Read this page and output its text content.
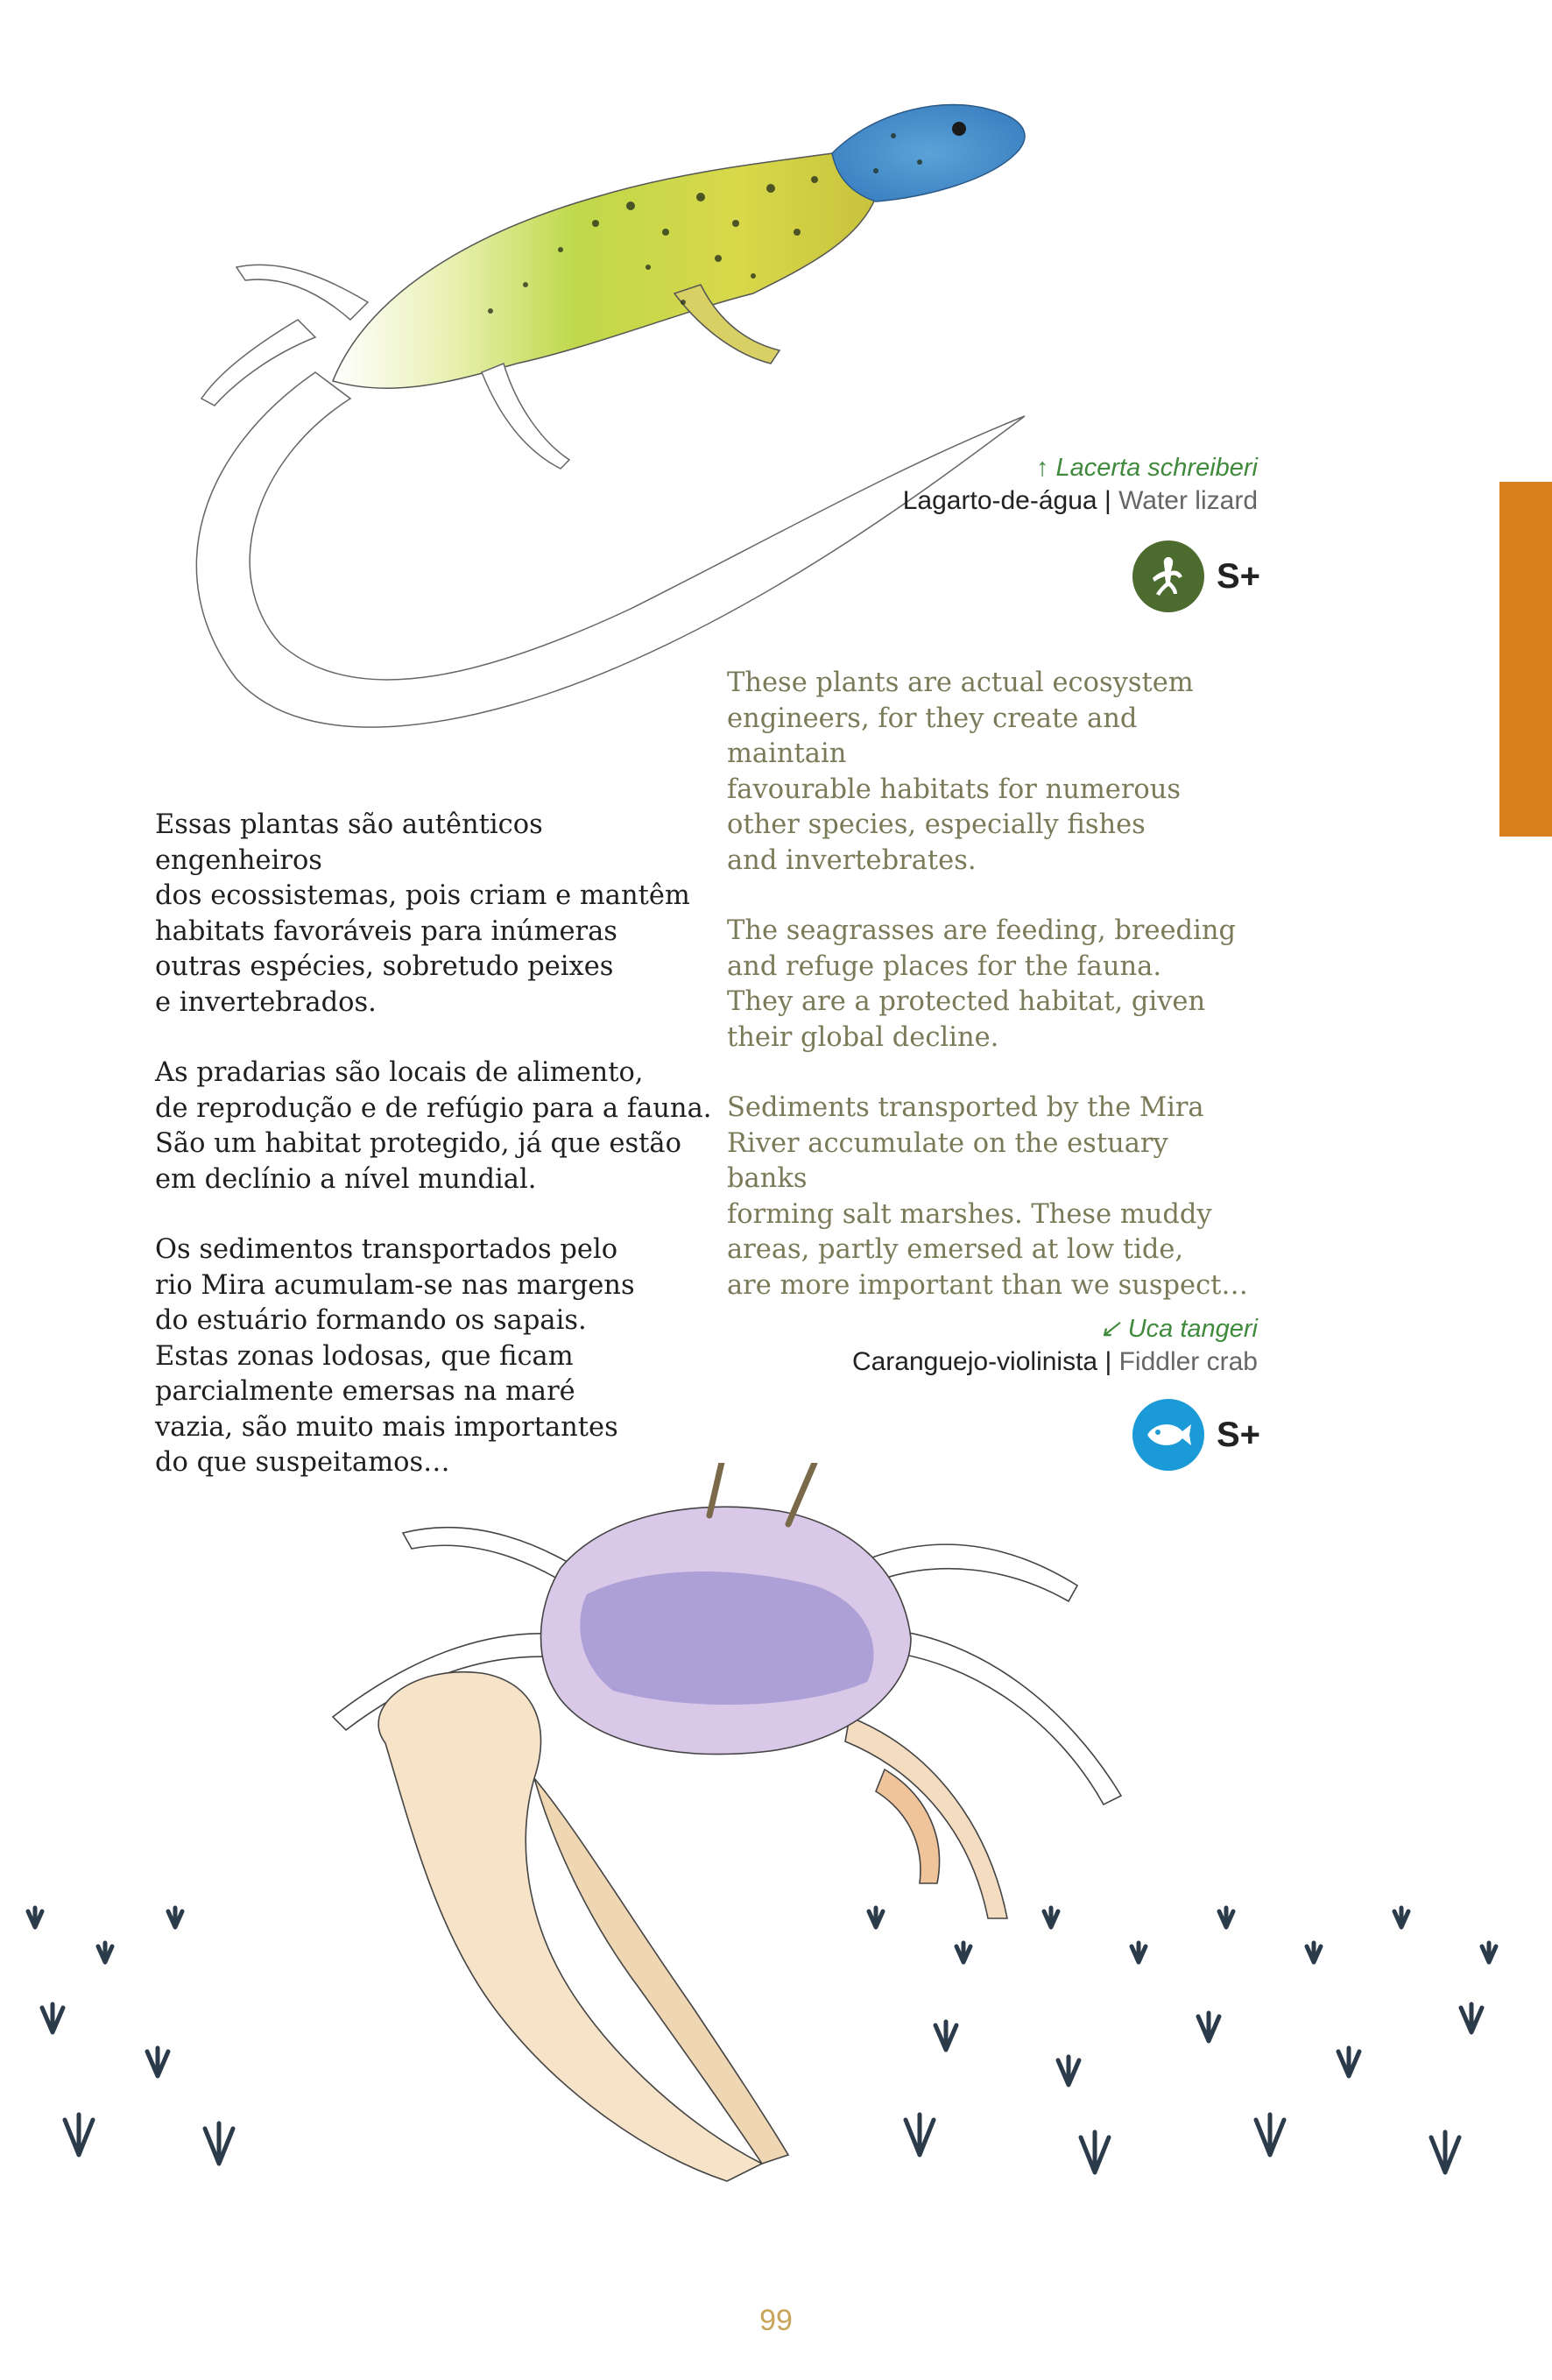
↑ Lacerta schreiberi
Lagarto-de-água | Water lizard
S+

These plants are actual ecosystem
engineers, for they create and maintain
favourable habitats for numerous
other species, especially fishes
and invertebrates.

The seagrasses are feeding, breeding
and refuge places for the fauna.
They are a protected habitat, given
their global decline.

Sediments transported by the Mira
River accumulate on the estuary banks
forming salt marshes. These muddy
areas, partly emersed at low tide,
are more important than we suspect…

Essas plantas são autênticos engenheiros
dos ecossistemas, pois criam e mantêm
habitats favoráveis para inúmeras
outras espécies, sobretudo peixes
e invertebrados.

As pradarias são locais de alimento,
de reprodução e de refúgio para a fauna.
São um habitat protegido, já que estão
em declínio a nível mundial.

Os sedimentos transportados pelo
rio Mira acumulam-se nas margens
do estuário formando os sapais.
Estas zonas lodosas, que ficam
parcialmente emersas na maré
vazia, são muito mais importantes
do que suspeitamos…

↙ Uca tangeri
Caranguejo-violinista | Fiddler crab
S+
99
